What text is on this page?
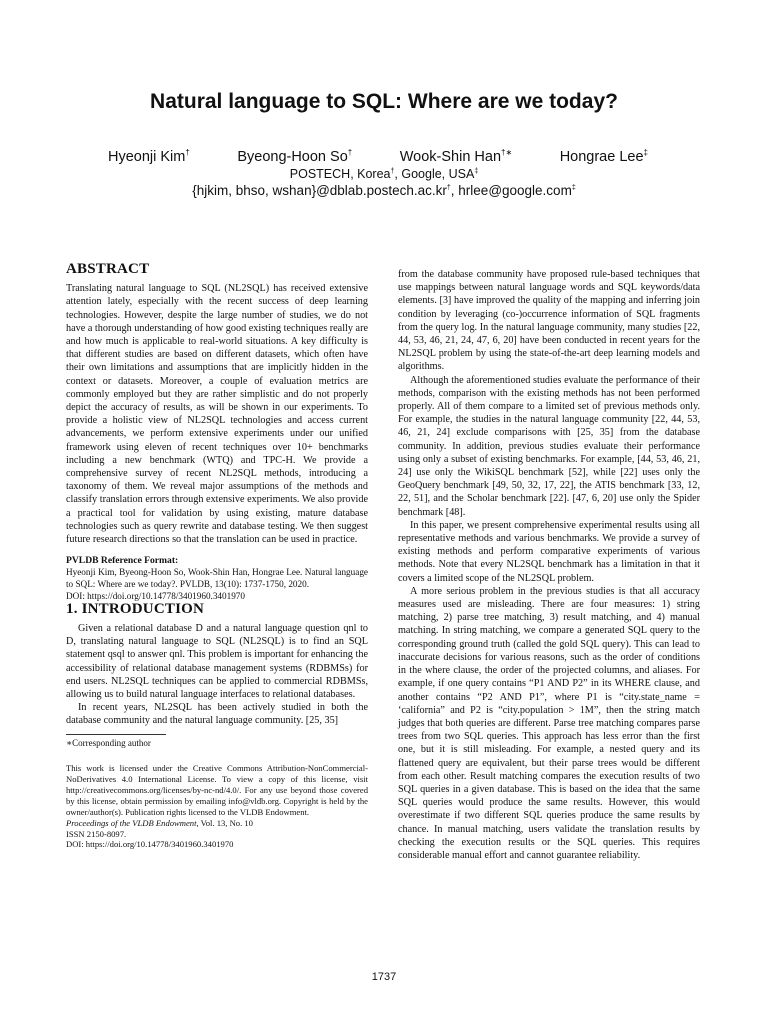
Natural language to SQL: Where are we today?
Hyeonji Kim†	Byeong-Hoon So†	Wook-Shin Han†∗	Hongrae Lee‡
POSTECH, Korea†, Google, USA‡
{hjkim, bhso, wshan}@dblab.postech.ac.kr†, hrlee@google.com‡
ABSTRACT

Translating natural language to SQL (NL2SQL) has received extensive attention lately, especially with the recent success of deep learning technologies. However, despite the large number of studies, we do not have a thorough understanding of how good existing techniques really are and how much is applicable to real-world situations. A key difficulty is that different studies are based on different datasets, which often have their own limitations and assumptions that are implicitly hidden in the context or datasets. Moreover, a couple of evaluation metrics are commonly employed but they are rather simplistic and do not properly depict the accuracy of results, as will be shown in our experiments. To provide a holistic view of NL2SQL technologies and access current advancements, we perform extensive experiments under our unified framework using eleven of recent techniques over 10+ benchmarks including a new benchmark (WTQ) and TPC-H. We provide a comprehensive survey of recent NL2SQL methods, introducing a taxonomy of them. We reveal major assumptions of the methods and classify translation errors through extensive experiments. We also provide a practical tool for validation by using existing, mature database technologies such as query rewrite and database testing. We then suggest future research directions so that the translation can be used in practice.

PVLDB Reference Format:
Hyeonji Kim, Byeong-Hoon So, Wook-Shin Han, Hongrae Lee. Natural language to SQL: Where are we today?. PVLDB, 13(10): 1737-1750, 2020.
DOI: https://doi.org/10.14778/3401960.3401970
1. INTRODUCTION

Given a relational database D and a natural language question qnl to D, translating natural language to SQL (NL2SQL) is to find an SQL statement qsql to answer qnl. This problem is important for enhancing the accessibility of relational database management systems (RDBMSs) for end users. NL2SQL techniques can be applied to commercial RDBMSs, allowing us to build natural language interfaces to relational databases.

In recent years, NL2SQL has been actively studied in both the database community and the natural language community. [25, 35]

∗Corresponding author
This work is licensed under the Creative Commons Attribution-NonCommercial-NoDerivatives 4.0 International License. To view a copy of this license, visit http://creativecommons.org/licenses/by-nc-nd/4.0/. For any use beyond those covered by this license, obtain permission by emailing info@vldb.org. Copyright is held by the owner/author(s). Publication rights licensed to the VLDB Endowment.
Proceedings of the VLDB Endowment, Vol. 13, No. 10
ISSN 2150-8097.
DOI: https://doi.org/10.14778/3401960.3401970

from the database community have proposed rule-based techniques that use mappings between natural language words and SQL keywords/data elements. [3] have improved the quality of the mapping and inferring join condition by leveraging (co-)occurrence information of SQL fragments from the query log. In the natural language community, many studies [22, 44, 53, 46, 21, 24, 47, 6, 20] have been conducted in recent years for the NL2SQL problem by using the state-of-the-art deep learning models and algorithms.

Although the aforementioned studies evaluate the performance of their methods, comparison with the existing methods has not been performed properly. All of them compare to a limited set of previous methods only. For example, the studies in the natural language community [22, 44, 53, 46, 21, 24] exclude comparisons with [25, 35] from the database community. In addition, previous studies evaluate their performance using only a subset of existing benchmarks. For example, [44, 53, 46, 21, 24] use only the WikiSQL benchmark [52], while [22] uses only the GeoQuery benchmark [49, 50, 32, 17, 22], the ATIS benchmark [33, 12, 22, 51], and the Scholar benchmark [22]. [47, 6, 20] use only the Spider benchmark [48].

In this paper, we present comprehensive experimental results using all representative methods and various benchmarks. We provide a survey of existing methods and perform comparative experiments of various methods. Note that every NL2SQL benchmark has a limitation in that it covers a limited scope of the NL2SQL problem.

A more serious problem in the previous studies is that all accuracy measures used are misleading. There are four measures: 1) string matching, 2) parse tree matching, 3) result matching, and 4) manual matching. In string matching, we compare a generated SQL query to the corresponding ground truth (called the gold SQL query). This can lead to inaccurate decisions for various reasons, such as the order of conditions in the where clause, the order of the projected columns, and aliases. For example, if one query contains “P1 AND P2” in its WHERE clause, and another contains “P2 AND P1”, where P1 is “city.state_name = ‘california” and P2 is “city.population > 1M”, then the string match judges that both queries are different. Parse tree matching compares parse trees from two SQL queries. This approach has less error than the first one, but it is still misleading. For example, a nested query and its flattened query are equivalent, but their parse trees would be different from each other. Result matching compares the execution results of two SQL queries in a given database. This is based on the idea that the same SQL queries would produce the same results. However, this would overestimate if two different SQL queries produce the same results by chance. In manual matching, users validate the translation results by checking the execution results or the SQL queries. This requires considerable manual effort and cannot guarantee reliability.

1737
